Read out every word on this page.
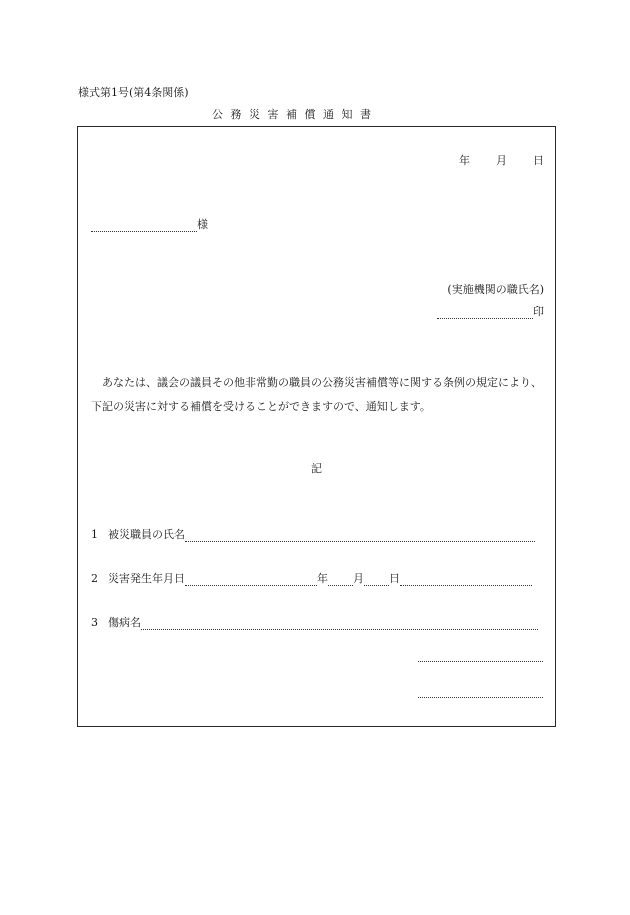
様式第1号(第4条関係)
公務災害補償通知書
年 月 日
様
(実施機関の職氏名)
印
あなたは、議会の議員その他非常勤の職員の公務災害補償等に関する条例の規定により、下記の災害に対する補償を受けることができますので、通知します。
記
1 被災職員の氏名
2 災害発生年月日	年 月 日
3 傷病名
